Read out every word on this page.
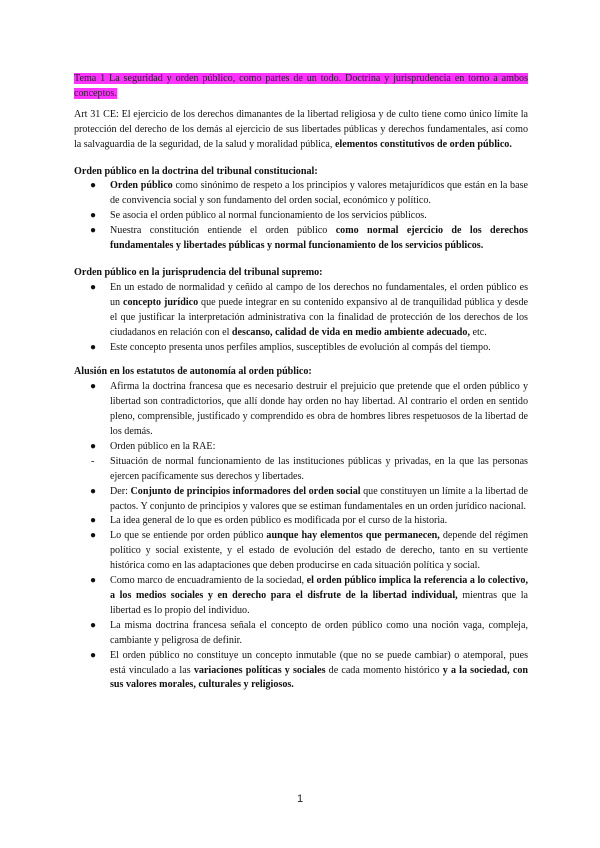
Tema 1 La seguridad y orden público, como partes de un todo. Doctrina y jurisprudencia en torno a ambos conceptos.

Art 31 CE: El ejercicio de los derechos dimanantes de la libertad religiosa y de culto tiene como único límite la protección del derecho de los demás al ejercicio de sus libertades públicas y derechos fundamentales, así como la salvaguardia de la seguridad, de la salud y moralidad pública, elementos constitutivos de orden público.

Orden público en la doctrina del tribunal constitucional:
●	Orden público como sinónimo de respeto a los principios y valores metajurídicos que están en la base de convivencia social y son fundamento del orden social, económico y político.
●	Se asocia el orden público al normal funcionamiento de los servicios públicos.
●	Nuestra constitución entiende el orden público como normal ejercicio de los derechos fundamentales y libertades públicas y normal funcionamiento de los servicios públicos.
Orden público en la jurisprudencia del tribunal supremo:
●	En un estado de normalidad y ceñido al campo de los derechos no fundamentales, el orden público es un concepto jurídico que puede integrar en su contenido expansivo al de tranquilidad pública y desde el que justificar la interpretación administrativa con la finalidad de protección de los derechos de los ciudadanos en relación con el descanso, calidad de vida en medio ambiente adecuado, etc.
●	Este concepto presenta unos perfiles amplios, susceptibles de evolución al compás del tiempo.
Alusión en los estatutos de autonomía al orden público:
●	Afirma la doctrina francesa que es necesario destruir el prejuicio que pretende que el orden público y libertad son contradictorios, que allí donde hay orden no hay libertad. Al contrario el orden en sentido pleno, comprensible, justificado y comprendido es obra de hombres libres respetuosos de la libertad de los demás.
●	Orden público en la RAE:
-	Situación de normal funcionamiento de las instituciones públicas y privadas, en la que las personas ejercen pacíficamente sus derechos y libertades.
●	Der: Conjunto de principios informadores del orden social que constituyen un límite a la libertad de pactos. Y conjunto de principios y valores que se estiman fundamentales en un orden jurídico nacional.
●	La idea general de lo que es orden público es modificada por el curso de la historia.
●	Lo que se entiende por orden público aunque hay elementos que permanecen, depende del régimen político y social existente, y el estado de evolución del estado de derecho, tanto en su vertiente histórica como en las adaptaciones que deben producirse en cada situación política y social.
●	Como marco de encuadramiento de la sociedad, el orden público implica la referencia a lo colectivo, a los medios sociales y en derecho para el disfrute de la libertad individual, mientras que la libertad es lo propio del individuo.
●	La misma doctrina francesa señala el concepto de orden público como una noción vaga, compleja, cambiante y peligrosa de definir.
●	El orden público no constituye un concepto inmutable (que no se puede cambiar) o atemporal, pues está vinculado a las variaciones políticas y sociales de cada momento histórico y a la sociedad, con sus valores morales, culturales y religiosos.
1
